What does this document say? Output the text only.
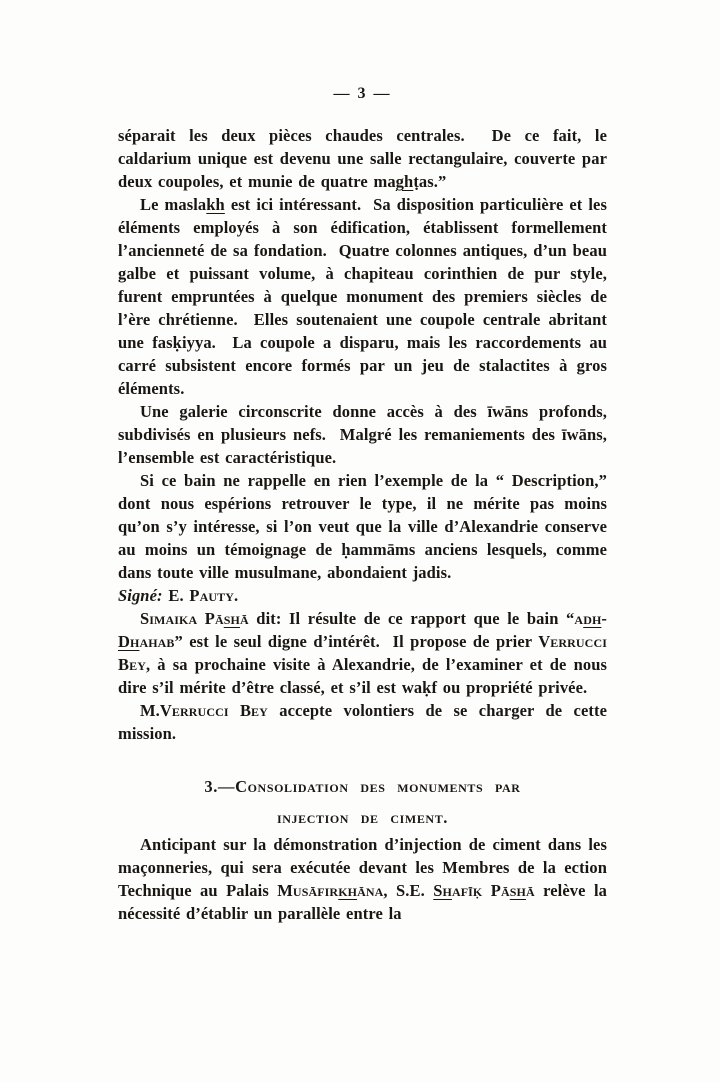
— 3 —

séparait les deux pièces chaudes centrales.  De ce fait, le caldarium unique est devenu une salle rectangulaire, couverte par deux coupoles, et munie de quatre maghṭas.”

Le maslakh est ici intéressant.  Sa disposition particulière et les éléments employés à son édification, établissent formellement l’ancienneté de sa fondation.  Quatre colonnes antiques, d’un beau galbe et puissant volume, à chapiteau corinthien de pur style, furent empruntées à quelque monument des premiers siècles de l’ère chrétienne.  Elles soutenaient une coupole centrale abritant une fasḳiyya.  La coupole a disparu, mais les raccordements au carré subsistent encore formés par un jeu de stalactites à gros éléments.

Une galerie circonscrite donne accès à des īwāns profonds, subdivisés en plusieurs nefs.  Malgré les remaniements des īwāns, l’ensemble est caractéristique.

Si ce bain ne rappelle en rien l’exemple de la “ Description,” dont nous espérions retrouver le type, il ne mérite pas moins qu’on s’y intéresse, si l’on veut que la ville d’Alexandrie conserve au moins un témoignage de ḥammāms anciens lesquels, comme dans toute ville musulmane, abondaient jadis.

Signé: E. Pauty.

Simaika Pāshā dit: Il résulte de ce rapport que le bain “adh-Dhahab” est le seul digne d’intérêt.  Il propose de prier Verrucci Bey, à sa prochaine visite à Alexandrie, de l’examiner et de nous dire s’il mérite d’être classé, et s’il est waḳf ou propriété privée.

M.Verrucci Bey accepte volontiers de se charger de cette mission.

3.—Consolidation des monuments par
injection de ciment.

Anticipant sur la démonstration d’injection de ciment dans les maçonneries, qui sera exécutée devant les Membres de la ection Technique au Palais Musāfirkhāna, S.E. Shafīḳ Pāshā relève la nécessité d’établir un parallèle entre la
